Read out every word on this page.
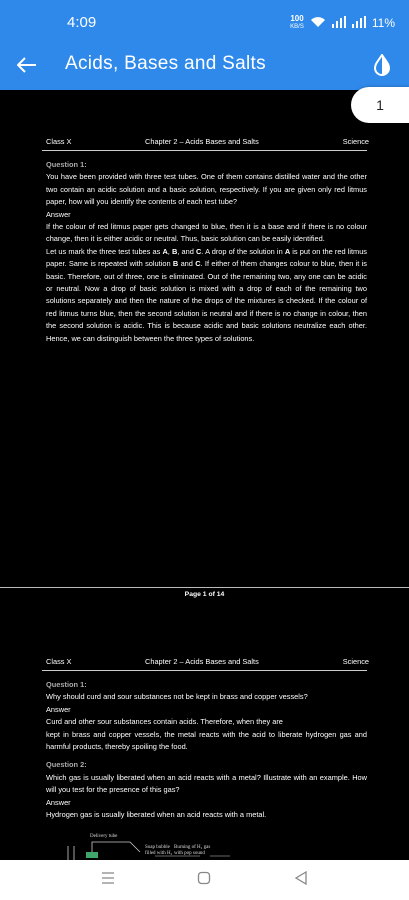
4:09	100
KB/S	11%
Acids, Bases and Salts
1
Class X	Chapter 2 – Acids Bases and Salts	Science

Question 1:

You have been provided with three test tubes. One of them contains distilled water and the other two contain an acidic solution and a basic solution, respectively. If you are given only red litmus paper, how will you identify the contents of each test tube?

Answer

If the colour of red litmus paper gets changed to blue, then it is a base and if there is no colour change, then it is either acidic or neutral. Thus, basic solution can be easily identified.

Let us mark the three test tubes as A, B, and C. A drop of the solution in A is put on the red litmus paper. Same is repeated with solution B and C. If either of them changes colour to blue, then it is basic. Therefore, out of three, one is eliminated. Out of the remaining two, any one can be acidic or neutral. Now a drop of basic solution is mixed with a drop of each of the remaining two solutions separately and then the nature of the drops of the mixtures is checked. If the colour of red litmus turns blue, then the second solution is neutral and if there is no change in colour, then the second solution is acidic. This is because acidic and basic solutions neutralize each other. Hence, we can distinguish between the three types of solutions.

Page 1 of 14
Class X	Chapter 2 – Acids Bases and Salts	Science

Question 1:

Why should curd and sour substances not be kept in brass and copper vessels?

Answer

Curd and other sour substances contain acids. Therefore, when they are

kept in brass and copper vessels, the metal reacts with the acid to liberate hydrogen gas and harmful products, thereby spoiling the food.

Question 2:

Which gas is usually liberated when an acid reacts with a metal? Illustrate with an example. How will you test for the presence of this gas?

Answer

Hydrogen gas is usually liberated when an acid reacts with a metal.

Delivery tube
Soap bubble
filled with H₂
Burning of H₂ gas
with pop sound
